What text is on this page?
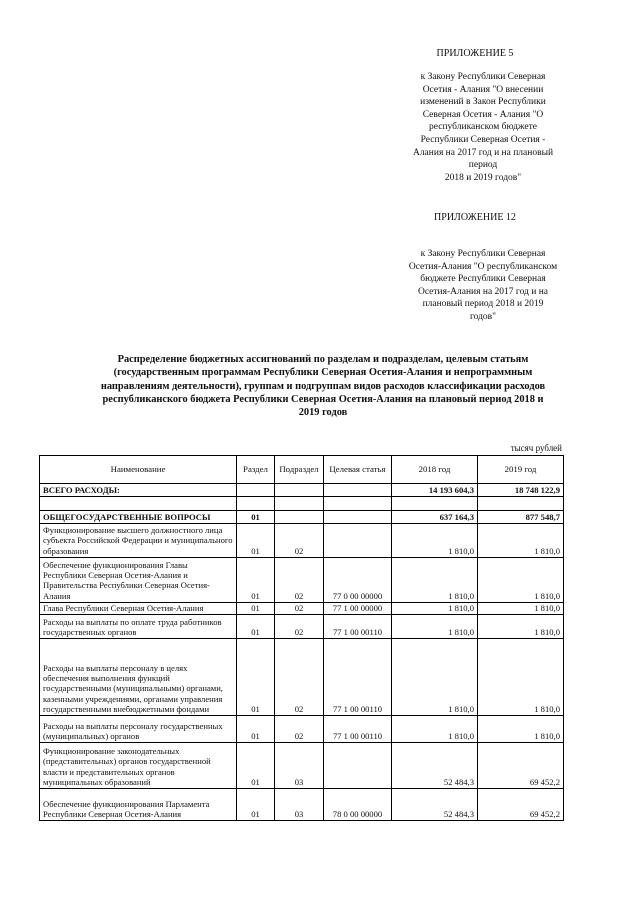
ПРИЛОЖЕНИЕ 5
к Закону Республики Северная
Осетия - Алания "О внесении
изменений в Закон Республики
Северная Осетия - Алания "О
республиканском бюджете
Республики Северная Осетия -
Алания на 2017 год и на плановый
период
2018 и 2019 годов"
ПРИЛОЖЕНИЕ 12
к Закону Республики Северная
Осетия-Алания "О республиканском
бюджете Республики Северная
Осетия-Алания на 2017 год и на
плановый период 2018 и 2019
годов"
Распределение бюджетных ассигнований по разделам и подразделам, целевым статьям
(государственным программам Республики Северная Осетия-Алания и непрограммным
направлениям деятельности), группам и подгруппам видов расходов классификации расходов
республиканского бюджета Республики Северная Осетия-Алания на плановый период 2018 и
2019 годов
тысяч рублей
Наименование	Раздел	Подраздел	Целевая статья	2018 год	2019 год
ВСЕГО РАСХОДЫ:				14 193 604,3	18 748 122,9

ОБЩЕГОСУДАРСТВЕННЫЕ ВОПРОСЫ	01			637 164,3	877 548,7
Функционирование высшего должностного лица субъекта Российской Федерации и муниципального образования	01	02		1 810,0	1 810,0
Обеспечение функционирования Главы Республики Северная Осетия-Алания и Правительства Республики Северная Осетия-Алания	01	02	77 0 00 00000	1 810,0	1 810,0
Глава Республики Северная Осетия-Алания	01	02	77 1 00 00000	1 810,0	1 810,0
Расходы на выплаты по оплате труда работников государственных органов	01	02	77 1 00 00110	1 810,0	1 810,0
Расходы на выплаты персоналу в целях обеспечения выполнения функций государственными (муниципальными) органами, казенными учреждениями, органами управления государственными внебюджетными фондами	01	02	77 1 00 00110	1 810,0	1 810,0
Расходы на выплаты персоналу государственных (муниципальных) органов	01	02	77 1 00 00110	1 810,0	1 810,0
Функционирование законодательных (представительных) органов государственной власти и представительных органов муниципальных образований	01	03		52 484,3	69 452,2
Обеспечение функционирования Парламента Республики Северная Осетия-Алания	01	03	78 0 00 00000	52 484,3	69 452,2
